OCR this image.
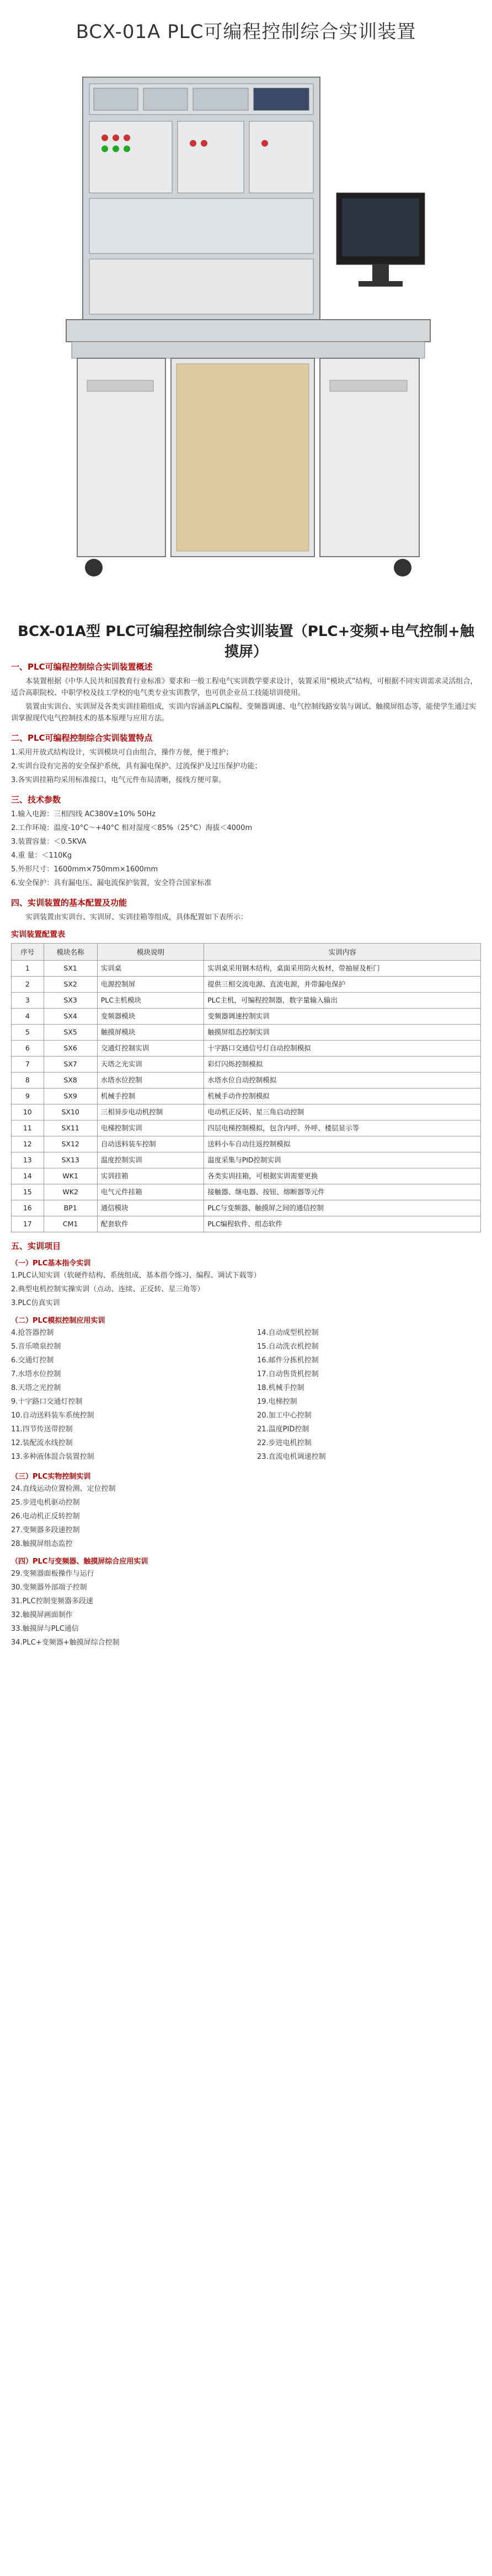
BCX-01A PLC可编程控制综合实训装置
BCX-01A型 PLC可编程控制综合实训装置（PLC+变频+电气控制+触摸屏）
一、PLC可编程控制综合实训装置概述

本装置根据《中华人民共和国教育行业标准》要求和一般工程电气实训教学要求设计，装置采用“模块式”结构，可根据不同实训需求灵活组合，适合高职院校、中职学校及技工学校的电气类专业实训教学，也可供企业员工技能培训使用。

装置由实训台、实训屏及各类实训挂箱组成，实训内容涵盖PLC编程、变频器调速、电气控制线路安装与调试、触摸屏组态等，能使学生通过实训掌握现代电气控制技术的基本原理与应用方法。

二、PLC可编程控制综合实训装置特点

1.采用开放式结构设计，实训模块可自由组合，操作方便，便于维护；

2.实训台设有完善的安全保护系统，具有漏电保护、过流保护及过压保护功能；

3.各实训挂箱均采用标准接口，电气元件布局清晰，接线方便可靠。

三、技术参数

1.输入电源：三相四线 AC380V±10% 50Hz

2.工作环境：温度-10°C～+40°C 相对湿度＜85%（25°C）海拔＜4000m

3.装置容量：＜0.5KVA

4.重 量：＜110Kg

5.外形尺寸：1600mm×750mm×1600mm

6.安全保护：具有漏电压、漏电流保护装置，安全符合国家标准

四、实训装置的基本配置及功能

实训装置由实训台、实训屏、实训挂箱等组成，具体配置如下表所示：

实训装置配置表
序号	模块名称	模块说明	实训内容
1	SX1	实训桌	实训桌采用钢木结构，桌面采用防火板材，带抽屉及柜门
2	SX2	电源控制屏	提供三相交流电源、直流电源，并带漏电保护
3	SX3	PLC主机模块	PLC主机，可编程控制器，数字量输入输出
4	SX4	变频器模块	变频器调速控制实训
5	SX5	触摸屏模块	触摸屏组态控制实训
6	SX6	交通灯控制实训	十字路口交通信号灯自动控制模拟
7	SX7	天塔之光实训	彩灯闪烁控制模拟
8	SX8	水塔水位控制	水塔水位自动控制模拟
9	SX9	机械手控制	机械手动作控制模拟
10	SX10	三相异步电动机控制	电动机正反转、星三角启动控制
11	SX11	电梯控制实训	四层电梯控制模拟，包含内呼、外呼、楼层显示等
12	SX12	自动送料装车控制	送料小车自动往返控制模拟
13	SX13	温度控制实训	温度采集与PID控制实训
14	WK1	实训挂箱	各类实训挂箱，可根据实训需要更换
15	WK2	电气元件挂箱	接触器、继电器、按钮、熔断器等元件
16	BP1	通信模块	PLC与变频器、触摸屏之间的通信控制
17	CM1	配套软件	PLC编程软件、组态软件
五、实训项目
（一）PLC基本指令实训
1.PLC认知实训（软硬件结构、系统组成、基本指令练习、编程、调试下载等）
2.典型电机控制实操实训（点动、连续、正反转、星三角等）
3.PLC仿真实训
（二）PLC模拟控制应用实训
4.抢答器控制
5.音乐喷泉控制
6.交通灯控制
7.水塔水位控制
8.天塔之光控制
9.十字路口交通灯控制
10.自动送料装车系统控制
11.四节传送带控制
12.装配流水线控制
13.多种液体混合装置控制
14.自动成型机控制
15.自动洗衣机控制
16.邮件分拣机控制
17.自动售货机控制
18.机械手控制
19.电梯控制
20.加工中心控制
21.温度PID控制
22.步进电机控制
23.直流电机调速控制
（三）PLC实物控制实训
24.直线运动位置检测、定位控制
25.步进电机驱动控制
26.电动机正反转控制
27.变频器多段速控制
28.触摸屏组态监控
（四）PLC与变频器、触摸屏综合应用实训
29.变频器面板操作与运行
30.变频器外部端子控制
31.PLC控制变频器多段速
32.触摸屏画面制作
33.触摸屏与PLC通信
34.PLC+变频器+触摸屏综合控制
